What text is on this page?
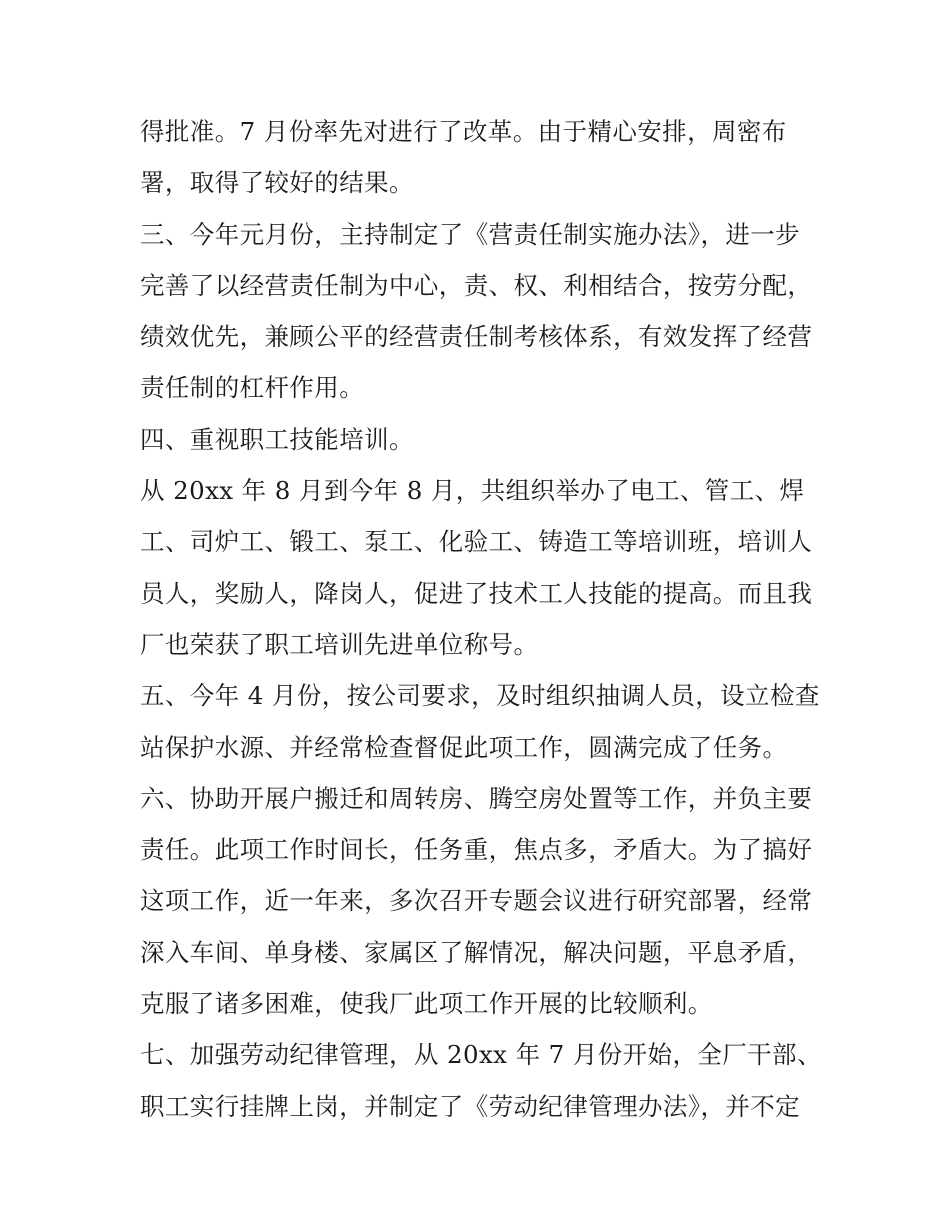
得批准。7 月份率先对进行了改革。由于精心安排，周密布
署，取得了较好的结果。
三、今年元月份，主持制定了《营责任制实施办法》，进一步
完善了以经营责任制为中心，责、权、利相结合，按劳分配，
绩效优先，兼顾公平的经营责任制考核体系，有效发挥了经营
责任制的杠杆作用。
四、重视职工技能培训。
从 20xx 年 8 月到今年 8 月，共组织举办了电工、管工、焊
工、司炉工、锻工、泵工、化验工、铸造工等培训班，培训人
员人，奖励人，降岗人，促进了技术工人技能的提高。而且我
厂也荣获了职工培训先进单位称号。
五、今年 4 月份，按公司要求，及时组织抽调人员，设立检查
站保护水源、并经常检查督促此项工作，圆满完成了任务。
六、协助开展户搬迁和周转房、腾空房处置等工作，并负主要
责任。此项工作时间长，任务重，焦点多，矛盾大。为了搞好
这项工作，近一年来，多次召开专题会议进行研究部署，经常
深入车间、单身楼、家属区了解情况，解决问题，平息矛盾，
克服了诸多困难，使我厂此项工作开展的比较顺利。
七、加强劳动纪律管理，从 20xx 年 7 月份开始，全厂干部、
职工实行挂牌上岗，并制定了《劳动纪律管理办法》，并不定
